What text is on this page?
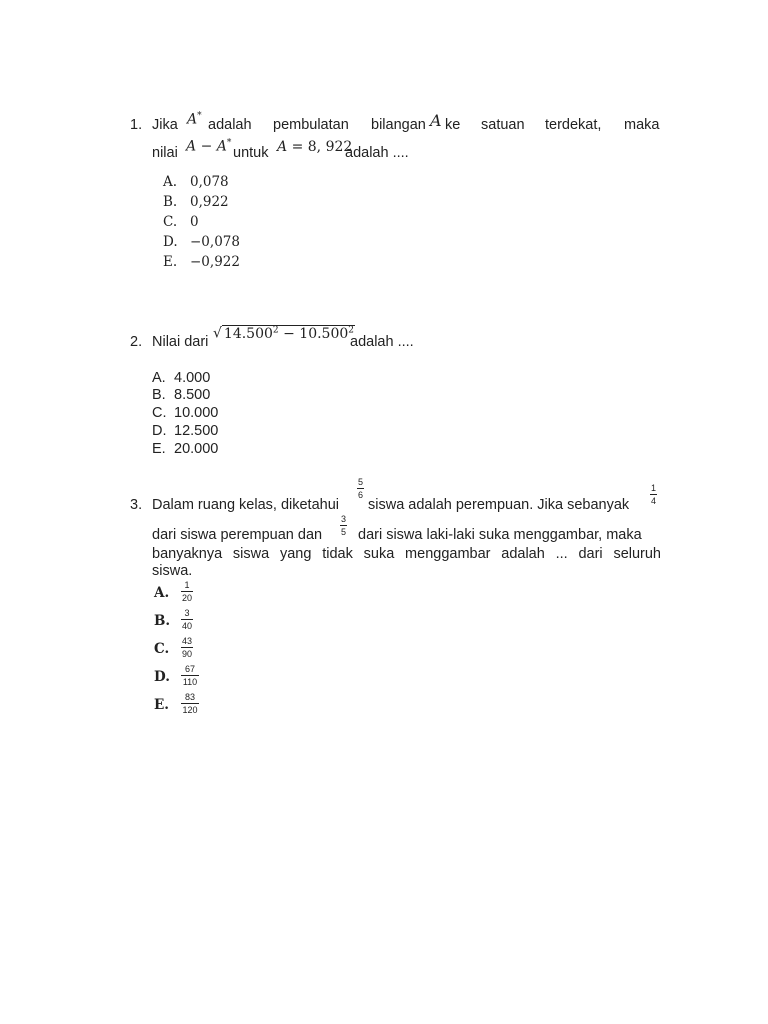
1. Jika A*
adalah pembulatan bilangan A ke satuan terdekat, maka
nilai A − A*
untuk A = 8, 922
adalah ....
A. 0,078
B. 0,922
C. 0
D. −0,078
E. −0,922
2. Nilai dari
√ $14.500^2 - 10.500^2$
adalah ....
A. 4.000
B. 8.500
C. 10.000
D. 12.500
E. 20.000
3. Dalam ruang kelas, diketahui
5
6
siswa adalah perempuan. Jika sebanyak
1
4
dari siswa perempuan dan
3
5 dari siswa laki-laki suka menggambar, maka
banyaknya siswa yang tidak suka menggambar adalah ... dari seluruh
siswa.
A. 1
20
B. 3
40
C. 43
90
D. 67
110
E. 83
120
